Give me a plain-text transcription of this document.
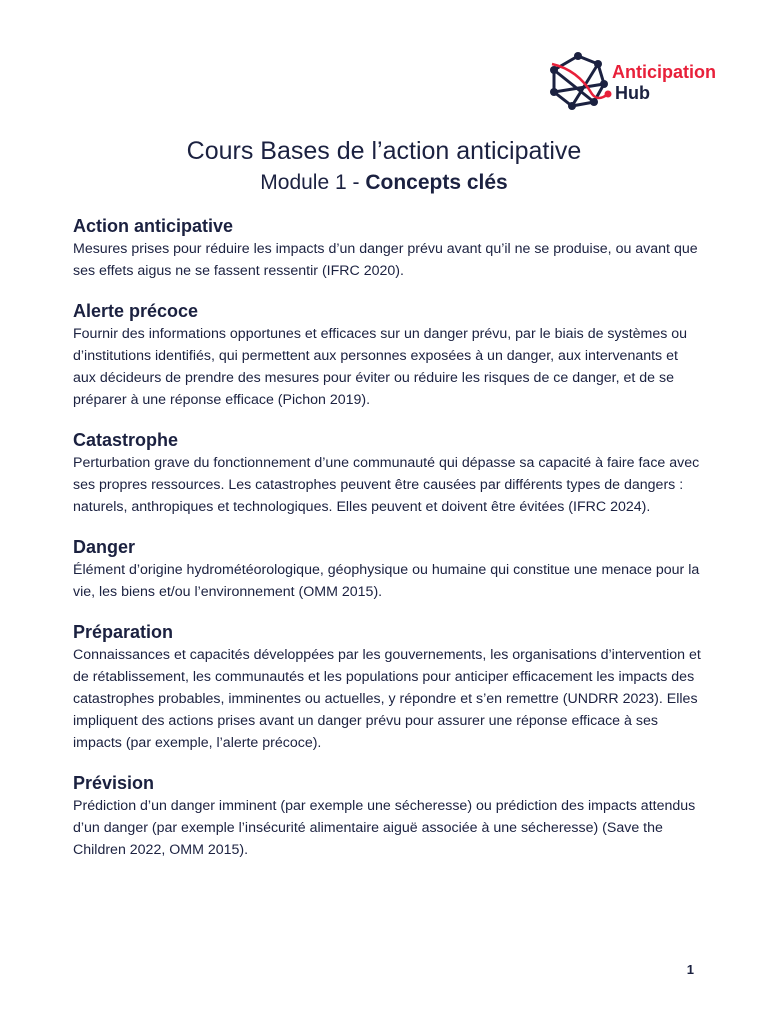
Anticipation
Hub
Cours Bases de l’action anticipative
Module 1 - Concepts clés
Action anticipative

Mesures prises pour réduire les impacts d’un danger prévu avant qu’il ne se produise, ou avant que ses effets aigus ne se fassent ressentir (IFRC 2020).

Alerte précoce

Fournir des informations opportunes et efficaces sur un danger prévu, par le biais de systèmes ou d’institutions identifiés, qui permettent aux personnes exposées à un danger, aux intervenants et aux décideurs de prendre des mesures pour éviter ou réduire les risques de ce danger, et de se préparer à une réponse efficace (Pichon 2019).

Catastrophe

Perturbation grave du fonctionnement d’une communauté qui dépasse sa capacité à faire face avec ses propres ressources. Les catastrophes peuvent être causées par différents types de dangers : naturels, anthropiques et technologiques. Elles peuvent et doivent être évitées (IFRC 2024).

Danger

Élément d’origine hydrométéorologique, géophysique ou humaine qui constitue une menace pour la vie, les biens et/ou l’environnement (OMM 2015).

Préparation

Connaissances et capacités développées par les gouvernements, les organisations d’intervention et de rétablissement, les communautés et les populations pour anticiper efficacement les impacts des catastrophes probables, imminentes ou actuelles, y répondre et s’en remettre (UNDRR 2023). Elles impliquent des actions prises avant un danger prévu pour assurer une réponse efficace à ses impacts (par exemple, l’alerte précoce).

Prévision

Prédiction d’un danger imminent (par exemple une sécheresse) ou prédiction des impacts attendus d’un danger (par exemple l’insécurité alimentaire aiguë associée à une sécheresse) (Save the Children 2022, OMM 2015).

1
